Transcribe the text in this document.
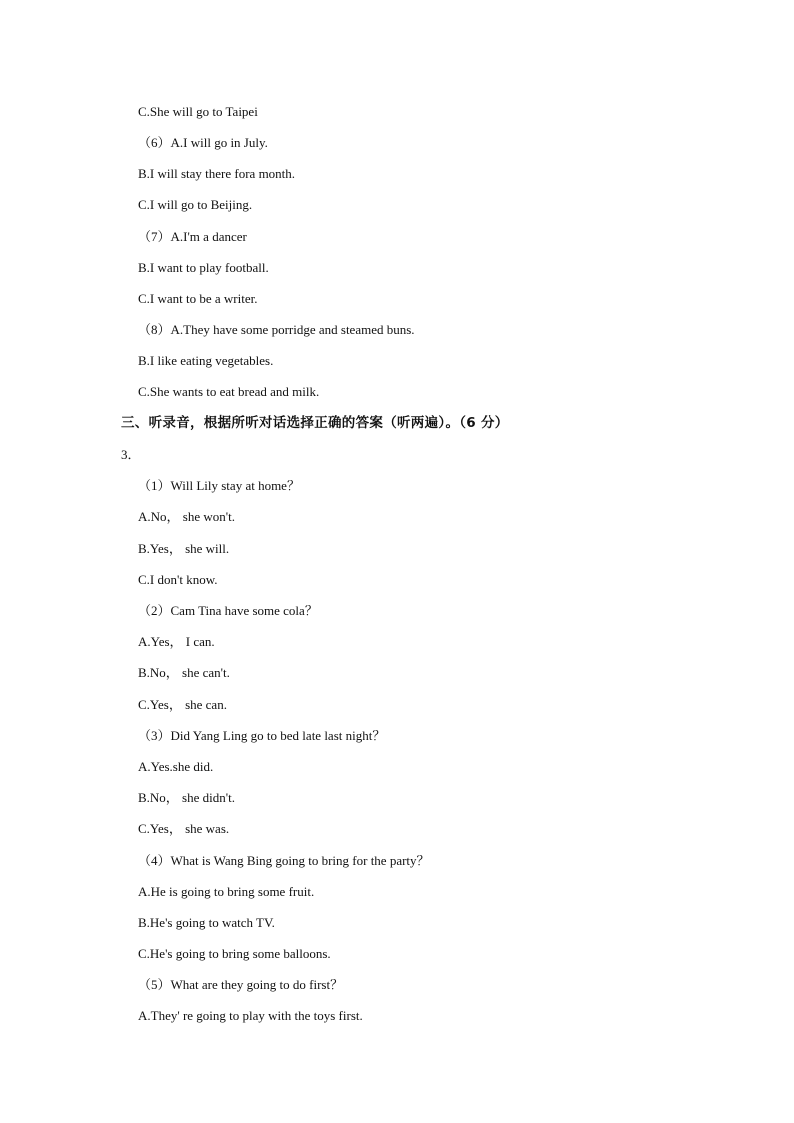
C.She will go to Taipei
（6）A.I will go in July.
B.I will stay there fora month.
C.I will go to Beijing.
（7）A.I'm a dancer
B.I want to play football.
C.I want to be a writer.
（8）A.They have some porridge and steamed buns.
B.I like eating vegetables.
C.She wants to eat bread and milk.
三、听录音，根据所听对话选择正确的答案（听两遍）。（6 分）
3．
（1）Will Lily stay at home？
A.No， she won't.
B.Yes， she will.
C.I don't know.
（2）Cam Tina have some cola？
A.Yes， I can.
B.No， she can't.
C.Yes， she can.
（3）Did Yang Ling go to bed late last night？
A.Yes.she did.
B.No， she didn't.
C.Yes， she was.
（4）What is Wang Bing going to bring for the party？
A.He is going to bring some fruit.
B.He's going to watch TV.
C.He's going to bring some balloons.
（5）What are they going to do first？
A.They' re going to play with the toys first.
